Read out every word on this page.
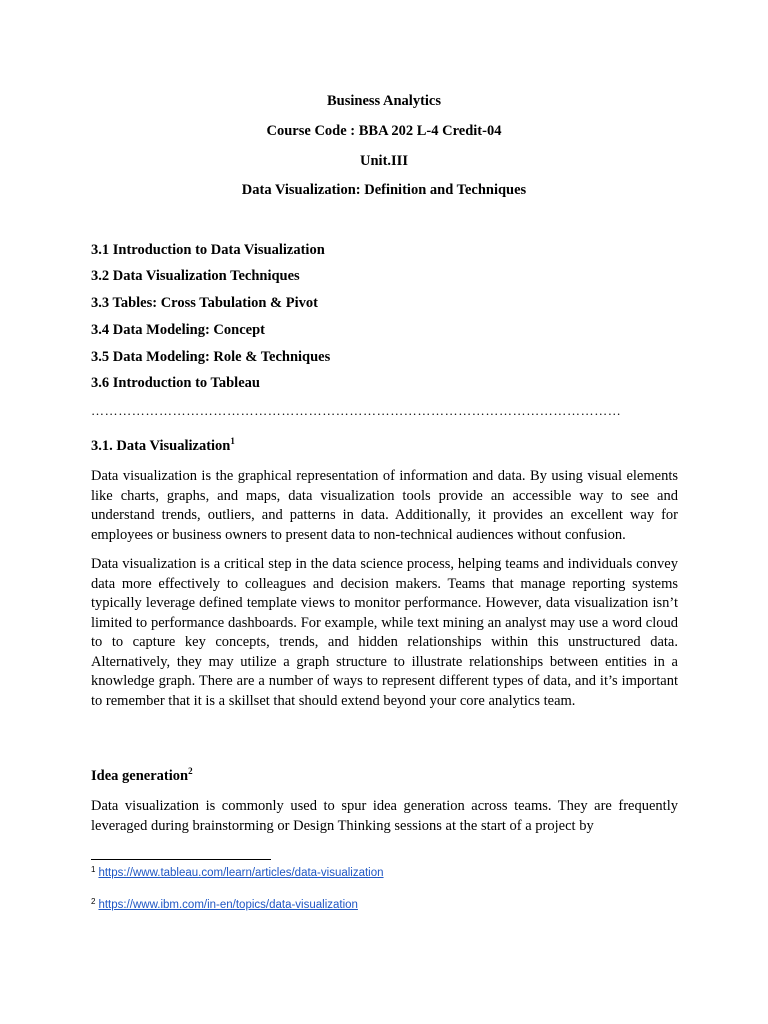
Business Analytics
Course Code : BBA 202 L-4 Credit-04
Unit.III
Data Visualization: Definition and Techniques
3.1 Introduction to Data Visualization
3.2 Data Visualization Techniques
3.3 Tables: Cross Tabulation & Pivot
3.4 Data Modeling: Concept
3.5 Data Modeling: Role & Techniques
3.6 Introduction to Tableau
………………………………………………………………………………………………………
3.1. Data Visualization$^1$
Data visualization is the graphical representation of information and data. By using visual elements like charts, graphs, and maps, data visualization tools provide an accessible way to see and understand trends, outliers, and patterns in data. Additionally, it provides an excellent way for employees or business owners to present data to non-technical audiences without confusion.
Data visualization is a critical step in the data science process, helping teams and individuals convey data more effectively to colleagues and decision makers. Teams that manage reporting systems typically leverage defined template views to monitor performance. However, data visualization isn’t limited to performance dashboards. For example, while text mining an analyst may use a word cloud to to capture key concepts, trends, and hidden relationships within this unstructured data. Alternatively, they may utilize a graph structure to illustrate relationships between entities in a knowledge graph. There are a number of ways to represent different types of data, and it’s important to remember that it is a skillset that should extend beyond your core analytics team.
Idea generation$^2$
Data visualization is commonly used to spur idea generation across teams. They are frequently leveraged during brainstorming or Design Thinking sessions at the start of a project by
$^1$ https://www.tableau.com/learn/articles/data-visualization
$^2$ https://www.ibm.com/in-en/topics/data-visualization
